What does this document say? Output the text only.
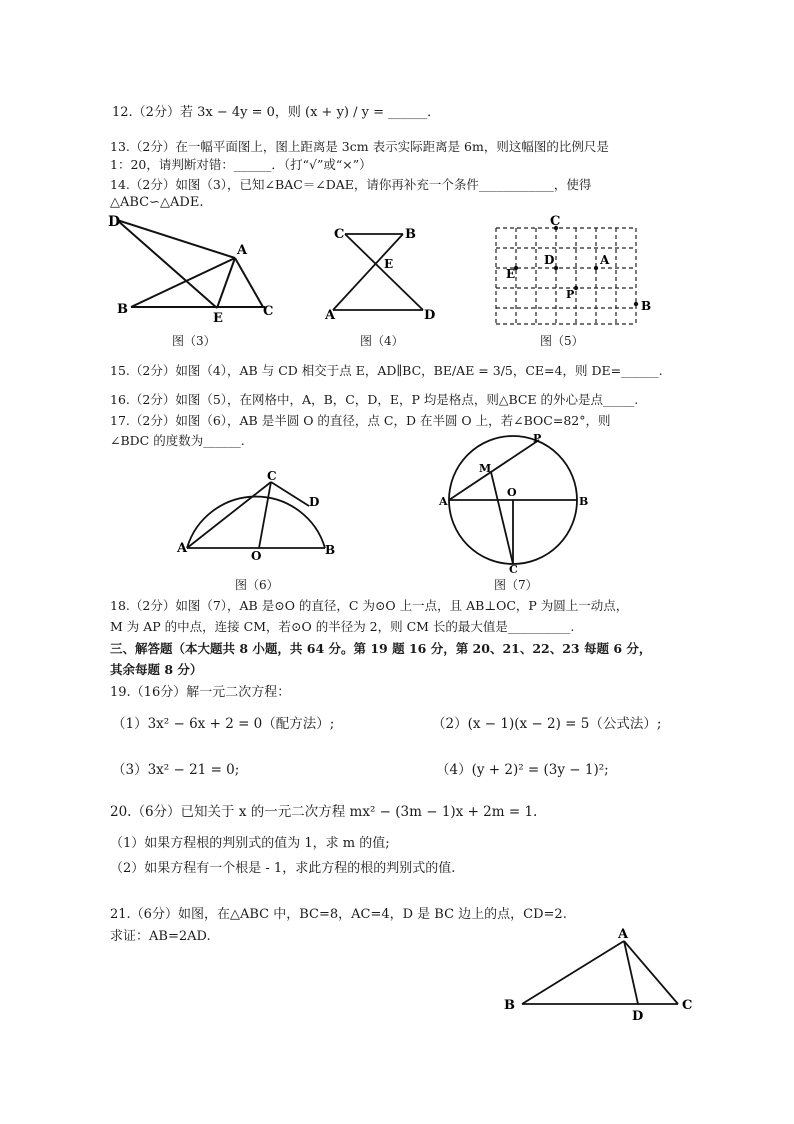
12.（2分）若 3x − 4y = 0，则 (x + y) / y = ______．
13.（2分）在一幅平面图上，图上距离是 3cm 表示实际距离是 6m，则这幅图的比例尺是
1：20，请判断对错：______．（打“√”或“×”）
14.（2分）如图（3），已知∠BAC＝∠DAE，请你再补充一个条件____________，使得
△ABC∽△ADE.
D
A
B
E	C
图（3）
C	B
E
A	D
图（4）
C
D	A
E
P
B
图（5）
15.（2分）如图（4），AB 与 CD 相交于点 E，AD∥BC，BE/AE = 3/5，CE=4，则 DE=______.
16.（2分）如图（5），在网格中，A，B，C，D，E，P 均是格点，则△BCE 的外心是点_____.
17.（2分）如图（6），AB 是半圆 O 的直径，点 C，D 在半圆 O 上，若∠BOC=82°，则
∠BDC 的度数为______.
C
D
A	O	B
图（6）
P
M
A
O
B
C
图（7）
18.（2分）如图（7），AB 是⊙O 的直径，C 为⊙O 上一点，且 AB⊥OC，P 为圆上一动点，
M 为 AP 的中点，连接 CM，若⊙O 的半径为 2，则 CM 长的最大值是__________.
三、解答题（本大题共 8 小题，共 64 分。第 19 题 16 分，第 20、21、22、23 每题 6 分，
其余每题 8 分）
19.（16分）解一元二次方程：
（1）3x² − 6x + 2 = 0（配方法）;	（2）(x − 1)(x − 2) = 5（公式法）;
（3）3x² − 21 = 0;	（4）(y + 2)² = (3y − 1)²;
20.（6分）已知关于 x 的一元二次方程 mx² − (3m − 1)x + 2m = 1.
（1）如果方程根的判别式的值为 1，求 m 的值;
（2）如果方程有一个根是 - 1，求此方程的根的判别式的值.
21.（6分）如图，在△ABC 中，BC=8，AC=4，D 是 BC 边上的点，CD=2.
求证：AB=2AD.	A
B
D
C
